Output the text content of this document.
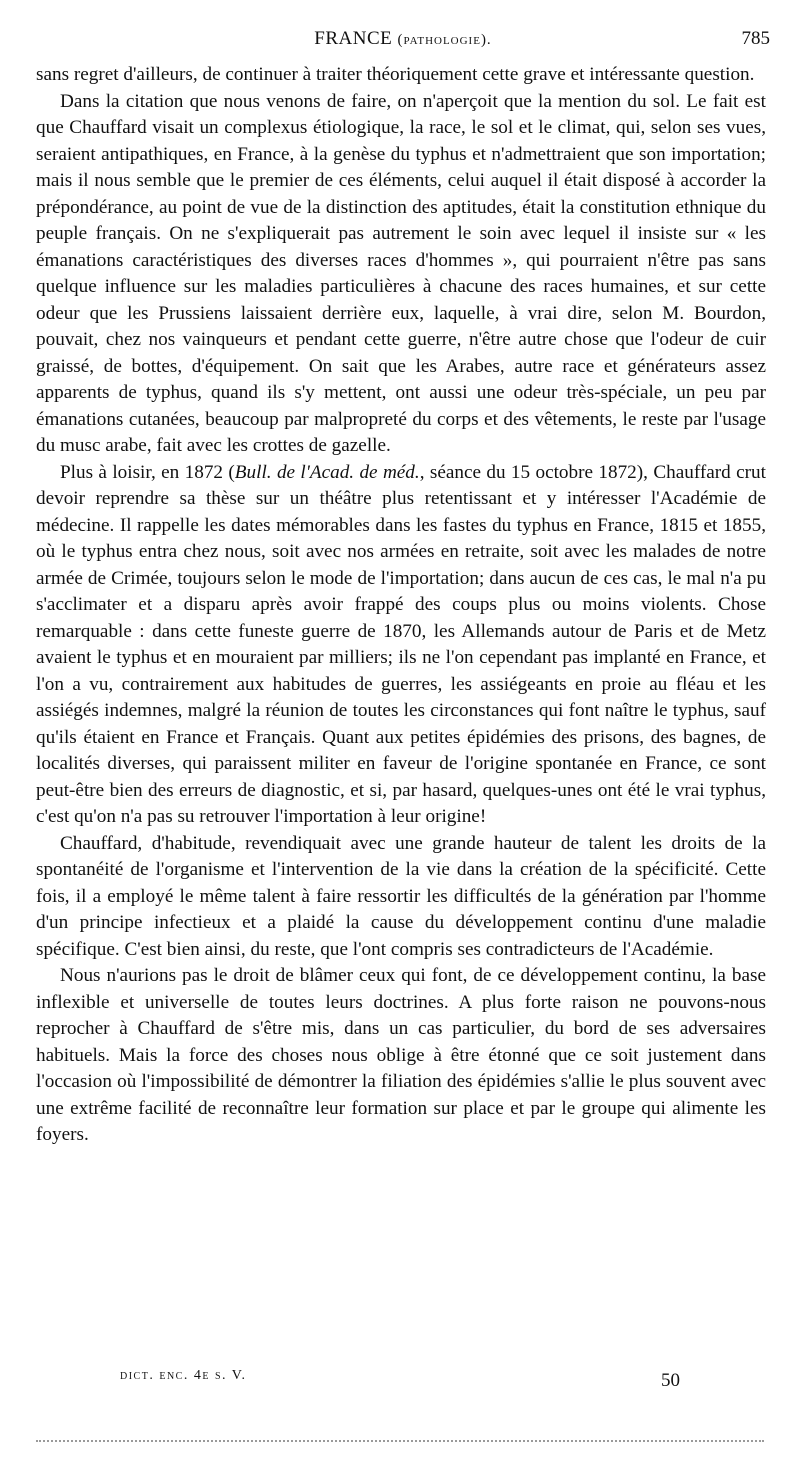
FRANCE (pathologie).	785

sans regret d'ailleurs, de continuer à traiter théoriquement cette grave et intéressante question.

Dans la citation que nous venons de faire, on n'aperçoit que la mention du sol. Le fait est que Chauffard visait un complexus étiologique, la race, le sol et le climat, qui, selon ses vues, seraient antipathiques, en France, à la genèse du typhus et n'admettraient que son importation; mais il nous semble que le premier de ces éléments, celui auquel il était disposé à accorder la prépondérance, au point de vue de la distinction des aptitudes, était la constitution ethnique du peuple français. On ne s'expliquerait pas autrement le soin avec lequel il insiste sur « les émanations caractéristiques des diverses races d'hommes », qui pourraient n'être pas sans quelque influence sur les maladies particulières à chacune des races humaines, et sur cette odeur que les Prussiens laissaient derrière eux, laquelle, à vrai dire, selon M. Bourdon, pouvait, chez nos vainqueurs et pendant cette guerre, n'être autre chose que l'odeur de cuir graissé, de bottes, d'équipement. On sait que les Arabes, autre race et générateurs assez apparents de typhus, quand ils s'y mettent, ont aussi une odeur très-spéciale, un peu par émanations cutanées, beaucoup par malpropreté du corps et des vêtements, le reste par l'usage du musc arabe, fait avec les crottes de gazelle.

Plus à loisir, en 1872 (Bull. de l'Acad. de méd., séance du 15 octobre 1872), Chauffard crut devoir reprendre sa thèse sur un théâtre plus retentissant et y intéresser l'Académie de médecine. Il rappelle les dates mémorables dans les fastes du typhus en France, 1815 et 1855, où le typhus entra chez nous, soit avec nos armées en retraite, soit avec les malades de notre armée de Crimée, toujours selon le mode de l'importation; dans aucun de ces cas, le mal n'a pu s'acclimater et a disparu après avoir frappé des coups plus ou moins violents. Chose remarquable : dans cette funeste guerre de 1870, les Allemands autour de Paris et de Metz avaient le typhus et en mouraient par milliers; ils ne l'on cependant pas implanté en France, et l'on a vu, contrairement aux habitudes de guerres, les assiégeants en proie au fléau et les assiégés indemnes, malgré la réunion de toutes les circonstances qui font naître le typhus, sauf qu'ils étaient en France et Français. Quant aux petites épidémies des prisons, des bagnes, de localités diverses, qui paraissent militer en faveur de l'origine spontanée en France, ce sont peut-être bien des erreurs de diagnostic, et si, par hasard, quelques-unes ont été le vrai typhus, c'est qu'on n'a pas su retrouver l'importation à leur origine!

Chauffard, d'habitude, revendiquait avec une grande hauteur de talent les droits de la spontanéité de l'organisme et l'intervention de la vie dans la création de la spécificité. Cette fois, il a employé le même talent à faire ressortir les difficultés de la génération par l'homme d'un principe infectieux et a plaidé la cause du développement continu d'une maladie spécifique. C'est bien ainsi, du reste, que l'ont compris ses contradicteurs de l'Académie.

Nous n'aurions pas le droit de blâmer ceux qui font, de ce développement continu, la base inflexible et universelle de toutes leurs doctrines. A plus forte raison ne pouvons-nous reprocher à Chauffard de s'être mis, dans un cas particulier, du bord de ses adversaires habituels. Mais la force des choses nous oblige à être étonné que ce soit justement dans l'occasion où l'impossibilité de démontrer la filiation des épidémies s'allie le plus souvent avec une extrême facilité de reconnaître leur formation sur place et par le groupe qui alimente les foyers.

dict. enc. 4e s. V.	50
